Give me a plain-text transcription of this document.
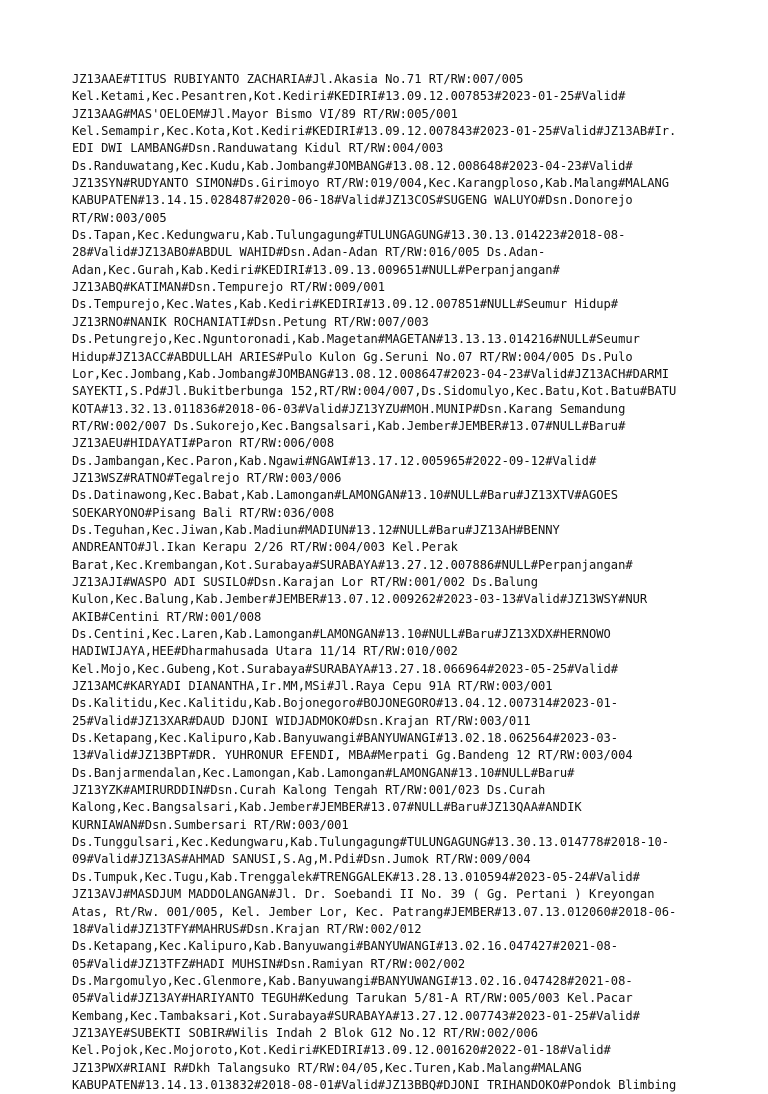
JZ13AAE#TITUS RUBIYANTO ZACHARIA#Jl.Akasia No.71 RT/RW:007/005
Kel.Ketami,Kec.Pesantren,Kot.Kediri#KEDIRI#13.09.12.007853#2023-01-25#Valid#
JZ13AAG#MAS'OELOEM#Jl.Mayor Bismo VI/89 RT/RW:005/001
Kel.Semampir,Kec.Kota,Kot.Kediri#KEDIRI#13.09.12.007843#2023-01-25#Valid#JZ13AB#Ir.
EDI DWI LAMBANG#Dsn.Randuwatang Kidul RT/RW:004/003
Ds.Randuwatang,Kec.Kudu,Kab.Jombang#JOMBANG#13.08.12.008648#2023-04-23#Valid#
JZ13SYN#RUDYANTO SIMON#Ds.Girimoyo RT/RW:019/004,Kec.Karangploso,Kab.Malang#MALANG
KABUPATEN#13.14.15.028487#2020-06-18#Valid#JZ13COS#SUGENG WALUYO#Dsn.Donorejo
RT/RW:003/005
Ds.Tapan,Kec.Kedungwaru,Kab.Tulungagung#TULUNGAGUNG#13.30.13.014223#2018-08-
28#Valid#JZ13ABO#ABDUL WAHID#Dsn.Adan-Adan RT/RW:016/005 Ds.Adan-
Adan,Kec.Gurah,Kab.Kediri#KEDIRI#13.09.13.009651#NULL#Perpanjangan#
JZ13ABQ#KATIMAN#Dsn.Tempurejo RT/RW:009/001
Ds.Tempurejo,Kec.Wates,Kab.Kediri#KEDIRI#13.09.12.007851#NULL#Seumur Hidup#
JZ13RNO#NANIK ROCHANIATI#Dsn.Petung RT/RW:007/003
Ds.Petungrejo,Kec.Nguntoronadi,Kab.Magetan#MAGETAN#13.13.13.014216#NULL#Seumur
Hidup#JZ13ACC#ABDULLAH ARIES#Pulo Kulon Gg.Seruni No.07 RT/RW:004/005 Ds.Pulo
Lor,Kec.Jombang,Kab.Jombang#JOMBANG#13.08.12.008647#2023-04-23#Valid#JZ13ACH#DARMI
SAYEKTI,S.Pd#Jl.Bukitberbunga 152,RT/RW:004/007,Ds.Sidomulyo,Kec.Batu,Kot.Batu#BATU
KOTA#13.32.13.011836#2018-06-03#Valid#JZ13YZU#MOH.MUNIP#Dsn.Karang Semandung
RT/RW:002/007 Ds.Sukorejo,Kec.Bangsalsari,Kab.Jember#JEMBER#13.07#NULL#Baru#
JZ13AEU#HIDAYATI#Paron RT/RW:006/008
Ds.Jambangan,Kec.Paron,Kab.Ngawi#NGAWI#13.17.12.005965#2022-09-12#Valid#
JZ13WSZ#RATNO#Tegalrejo RT/RW:003/006
Ds.Datinawong,Kec.Babat,Kab.Lamongan#LAMONGAN#13.10#NULL#Baru#JZ13XTV#AGOES
SOEKARYONO#Pisang Bali RT/RW:036/008
Ds.Teguhan,Kec.Jiwan,Kab.Madiun#MADIUN#13.12#NULL#Baru#JZ13AH#BENNY
ANDREANTO#Jl.Ikan Kerapu 2/26 RT/RW:004/003 Kel.Perak
Barat,Kec.Krembangan,Kot.Surabaya#SURABAYA#13.27.12.007886#NULL#Perpanjangan#
JZ13AJI#WASPO ADI SUSILO#Dsn.Karajan Lor RT/RW:001/002 Ds.Balung
Kulon,Kec.Balung,Kab.Jember#JEMBER#13.07.12.009262#2023-03-13#Valid#JZ13WSY#NUR
AKIB#Centini RT/RW:001/008
Ds.Centini,Kec.Laren,Kab.Lamongan#LAMONGAN#13.10#NULL#Baru#JZ13XDX#HERNOWO
HADIWIJAYA,HEE#Dharmahusada Utara 11/14 RT/RW:010/002
Kel.Mojo,Kec.Gubeng,Kot.Surabaya#SURABAYA#13.27.18.066964#2023-05-25#Valid#
JZ13AMC#KARYADI DIANANTHA,Ir.MM,MSi#Jl.Raya Cepu 91A RT/RW:003/001
Ds.Kalitidu,Kec.Kalitidu,Kab.Bojonegoro#BOJONEGORO#13.04.12.007314#2023-01-
25#Valid#JZ13XAR#DAUD DJONI WIDJADMOKO#Dsn.Krajan RT/RW:003/011
Ds.Ketapang,Kec.Kalipuro,Kab.Banyuwangi#BANYUWANGI#13.02.18.062564#2023-03-
13#Valid#JZ13BPT#DR. YUHRONUR EFENDI, MBA#Merpati Gg.Bandeng 12 RT/RW:003/004
Ds.Banjarmendalan,Kec.Lamongan,Kab.Lamongan#LAMONGAN#13.10#NULL#Baru#
JZ13YZK#AMIRURDDIN#Dsn.Curah Kalong Tengah RT/RW:001/023 Ds.Curah
Kalong,Kec.Bangsalsari,Kab.Jember#JEMBER#13.07#NULL#Baru#JZ13QAA#ANDIK
KURNIAWAN#Dsn.Sumbersari RT/RW:003/001
Ds.Tunggulsari,Kec.Kedungwaru,Kab.Tulungagung#TULUNGAGUNG#13.30.13.014778#2018-10-
09#Valid#JZ13AS#AHMAD SANUSI,S.Ag,M.Pdi#Dsn.Jumok RT/RW:009/004
Ds.Tumpuk,Kec.Tugu,Kab.Trenggalek#TRENGGALEK#13.28.13.010594#2023-05-24#Valid#
JZ13AVJ#MASDJUM MADDOLANGAN#Jl. Dr. Soebandi II No. 39 ( Gg. Pertani ) Kreyongan
Atas, Rt/Rw. 001/005, Kel. Jember Lor, Kec. Patrang#JEMBER#13.07.13.012060#2018-06-
18#Valid#JZ13TFY#MAHRUS#Dsn.Krajan RT/RW:002/012
Ds.Ketapang,Kec.Kalipuro,Kab.Banyuwangi#BANYUWANGI#13.02.16.047427#2021-08-
05#Valid#JZ13TFZ#HADI MUHSIN#Dsn.Ramiyan RT/RW:002/002
Ds.Margomulyo,Kec.Glenmore,Kab.Banyuwangi#BANYUWANGI#13.02.16.047428#2021-08-
05#Valid#JZ13AY#HARIYANTO TEGUH#Kedung Tarukan 5/81-A RT/RW:005/003 Kel.Pacar
Kembang,Kec.Tambaksari,Kot.Surabaya#SURABAYA#13.27.12.007743#2023-01-25#Valid#
JZ13AYE#SUBEKTI SOBIR#Wilis Indah 2 Blok G12 No.12 RT/RW:002/006
Kel.Pojok,Kec.Mojoroto,Kot.Kediri#KEDIRI#13.09.12.001620#2022-01-18#Valid#
JZ13PWX#RIANI R#Dkh Talangsuko RT/RW:04/05,Kec.Turen,Kab.Malang#MALANG
KABUPATEN#13.14.13.013832#2018-08-01#Valid#JZ13BBQ#DJONI TRIHANDOKO#Pondok Blimbing
